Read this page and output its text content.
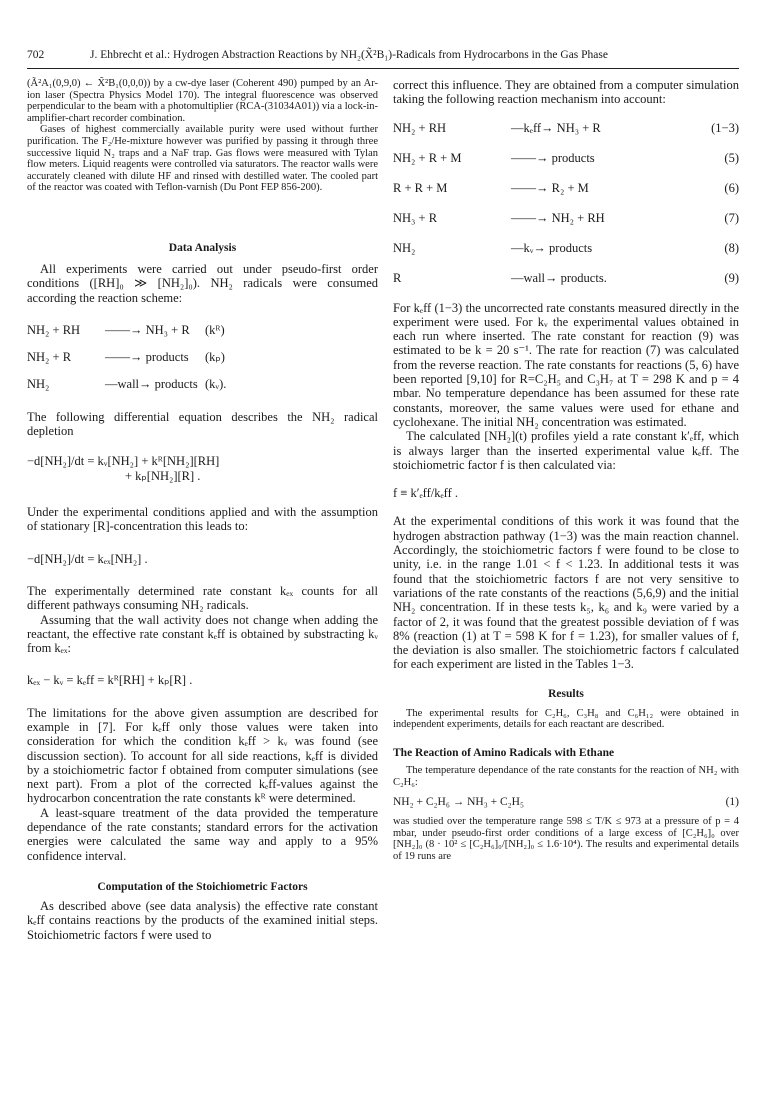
702	J. Ehbrecht et al.: Hydrogen Abstraction Reactions by NH₂(X̃²B₁)-Radicals from Hydrocarbons in the Gas Phase

(Ã²A₁(0,9,0) ← X̃²B₁(0,0,0)) by a cw-dye laser (Coherent 490) pumped by an Ar-ion laser (Spectra Physics Model 170). The integral fluorescence was observed perpendicular to the beam with a photomultiplier (RCA-(31034A01)) via a lock-in-amplifier-chart recorder combination.

Gases of highest commercially available purity were used without further purification. The F₂/He-mixture however was purified by passing it through three successive liquid N₂ traps and a NaF trap. Gas flows were measured with Tylan flow meters. Liquid reagents were controlled via saturators. The reactor walls were accurately cleaned with dilute HF and rinsed with destilled water. The cooled part of the reactor was coated with Teflon-varnish (Du Pont FEP 856-200).

Data Analysis

All experiments were carried out under pseudo-first order conditions ([RH]₀ ≫ [NH₂]₀). NH₂ radicals were consumed according the reaction scheme:

NH₂ + RH	——→ NH₃ + R	(kᴿ)
NH₂ + R	——→ products	(kₚ)
NH₂	—wall→ products (kᵥ).

The following differential equation describes the NH₂ radical depletion

−d[NH₂]/dt = kᵥ[NH₂] + kᴿ[NH₂][RH]

+ kₚ[NH₂][R] .

Under the experimental conditions applied and with the assumption of stationary [R]-concentration this leads to:

−d[NH₂]/dt = kₑₓ[NH₂] .

The experimentally determined rate constant kₑₓ counts for all different pathways consuming NH₂ radicals.

Assuming that the wall activity does not change when adding the reactant, the effective rate constant kₑff is obtained by substracting kᵥ from kₑₓ:

kₑₓ − kᵥ = kₑff = kᴿ[RH] + kₚ[R] .

The limitations for the above given assumption are described for example in [7]. For kₑff only those values were taken into consideration for which the condition kₑff > kᵥ was found (see discussion section). To account for all side reactions, kₑff is divided by a stoichiometric factor f obtained from computer simulations (see next part). From a plot of the corrected kₑff-values against the hydrocarbon concentration the rate constants kᴿ were determined.

A least-square treatment of the data provided the temperature dependance of the rate constants; standard errors for the activation energies were calculated the same way and apply to a 95% confidence interval.

Computation of the Stoichiometric Factors

As described above (see data analysis) the effective rate constant kₑff contains reactions by the products of the examined initial steps. Stoichiometric factors f were used to

correct this influence. They are obtained from a computer simulation taking the following reaction mechanism into account:

NH₂ + RH	—kₑff→ NH₃ + R	(1−3)
NH₂ + R + M	——→ products	(5)
R + R + M	——→ R₂ + M	(6)
NH₃ + R	——→ NH₂ + RH	(7)
NH₂	—kᵥ→ products	(8)
R	—wall→ products.	(9)

For kₑff (1−3) the uncorrected rate constants measured directly in the experiment were used. For kᵥ the experimental values obtained in each run where inserted. The rate constant for reaction (9) was estimated to be k = 20 s⁻¹. The rate for reaction (7) was calculated from the reverse reaction. The rate constants for reactions (5, 6) have been reported [9,10] for R=C₂H₅ and C₃H₇ at T = 298 K and p = 4 mbar. No temperature dependance has been assumed for these rate constants, moreover, the same values were used for ethane and cyclohexane. The initial NH₂ concentration was estimated.

The calculated [NH₂](t) profiles yield a rate constant k′ₑff, which is always larger than the inserted experimental value kₑff. The stoichiometric factor f is then calculated via:

f ≡ k′ₑff/kₑff .

At the experimental conditions of this work it was found that the hydrogen abstraction pathway (1−3) was the main reaction channel. Accordingly, the stoichiometric factors f were found to be close to unity, i.e. in the range 1.01 < f < 1.23. In additional tests it was found that the stoichiometric factors f are not very sensitive to variations of the rate constants of the reactions (5,6,9) and the initial NH₂ concentration. If in these tests k₅, k₆ and k₉ were varied by a factor of 2, it was found that the greatest possible deviation of f was 8% (reaction (1) at T = 598 K for f = 1.23), for smaller values of f, the deviation is also smaller. The stoichiometric factors f calculated for each experiment are listed in the Tables 1−3.

Results

The experimental results for C₂H₆, C₃H₈ and C₆H₁₂ were obtained in independent experiments, details for each reactant are described.

The Reaction of Amino Radicals with Ethane

The temperature dependance of the rate constants for the reaction of NH₂ with C₂H₆:

NH₂ + C₂H₆ → NH₃ + C₂H₅	(1)

was studied over the temperature range 598 ≤ T/K ≤ 973 at a pressure of p = 4 mbar, under pseudo-first order conditions of a large excess of [C₂H₆]₀ over [NH₂]₀ (8 · 10² ≤ [C₂H₆]₀/[NH₂]₀ ≤ 1.6·10⁴). The results and experimental details of 19 runs are
